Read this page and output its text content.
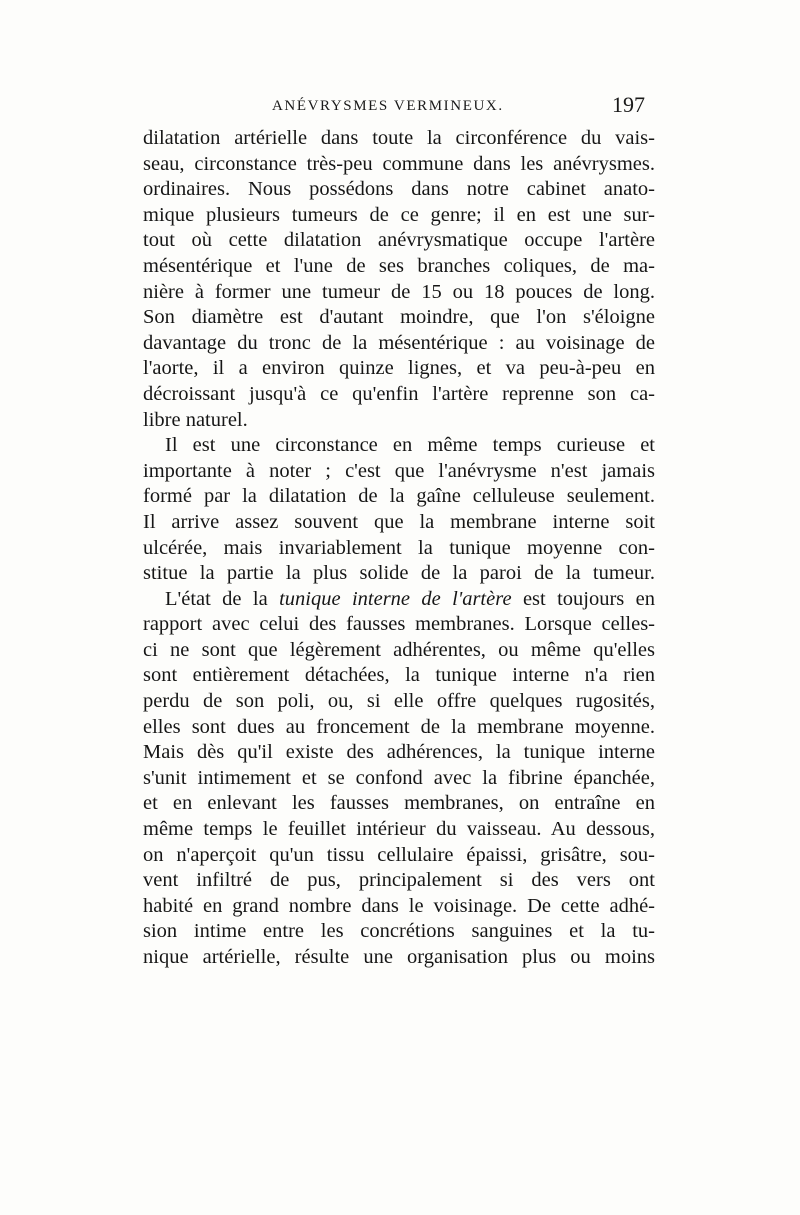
ANÉVRYSMES VERMINEUX.	197
dilatation artérielle dans toute la circonférence du vais-
seau, circonstance très-peu commune dans les anévrysmes.
ordinaires. Nous possédons dans notre cabinet anato-
mique plusieurs tumeurs de ce genre; il en est une sur-
tout où cette dilatation anévrysmatique occupe l'artère
mésentérique et l'une de ses branches coliques, de ma-
nière à former une tumeur de 15 ou 18 pouces de long.
Son diamètre est d'autant moindre, que l'on s'éloigne
davantage du tronc de la mésentérique : au voisinage de
l'aorte, il a environ quinze lignes, et va peu-à-peu en
décroissant jusqu'à ce qu'enfin l'artère reprenne son ca-
libre naturel.
Il est une circonstance en même temps curieuse et
importante à noter ; c'est que l'anévrysme n'est jamais
formé par la dilatation de la gaîne celluleuse seulement.
Il arrive assez souvent que la membrane interne soit
ulcérée, mais invariablement la tunique moyenne con-
stitue la partie la plus solide de la paroi de la tumeur.
L'état de la tunique interne de l'artère est toujours en
rapport avec celui des fausses membranes. Lorsque celles-
ci ne sont que légèrement adhérentes, ou même qu'elles
sont entièrement détachées, la tunique interne n'a rien
perdu de son poli, ou, si elle offre quelques rugosités,
elles sont dues au froncement de la membrane moyenne.
Mais dès qu'il existe des adhérences, la tunique interne
s'unit intimement et se confond avec la fibrine épanchée,
et en enlevant les fausses membranes, on entraîne en
même temps le feuillet intérieur du vaisseau. Au dessous,
on n'aperçoit qu'un tissu cellulaire épaissi, grisâtre, sou-
vent infiltré de pus, principalement si des vers ont
habité en grand nombre dans le voisinage. De cette adhé-
sion intime entre les concrétions sanguines et la tu-
nique artérielle, résulte une organisation plus ou moins
